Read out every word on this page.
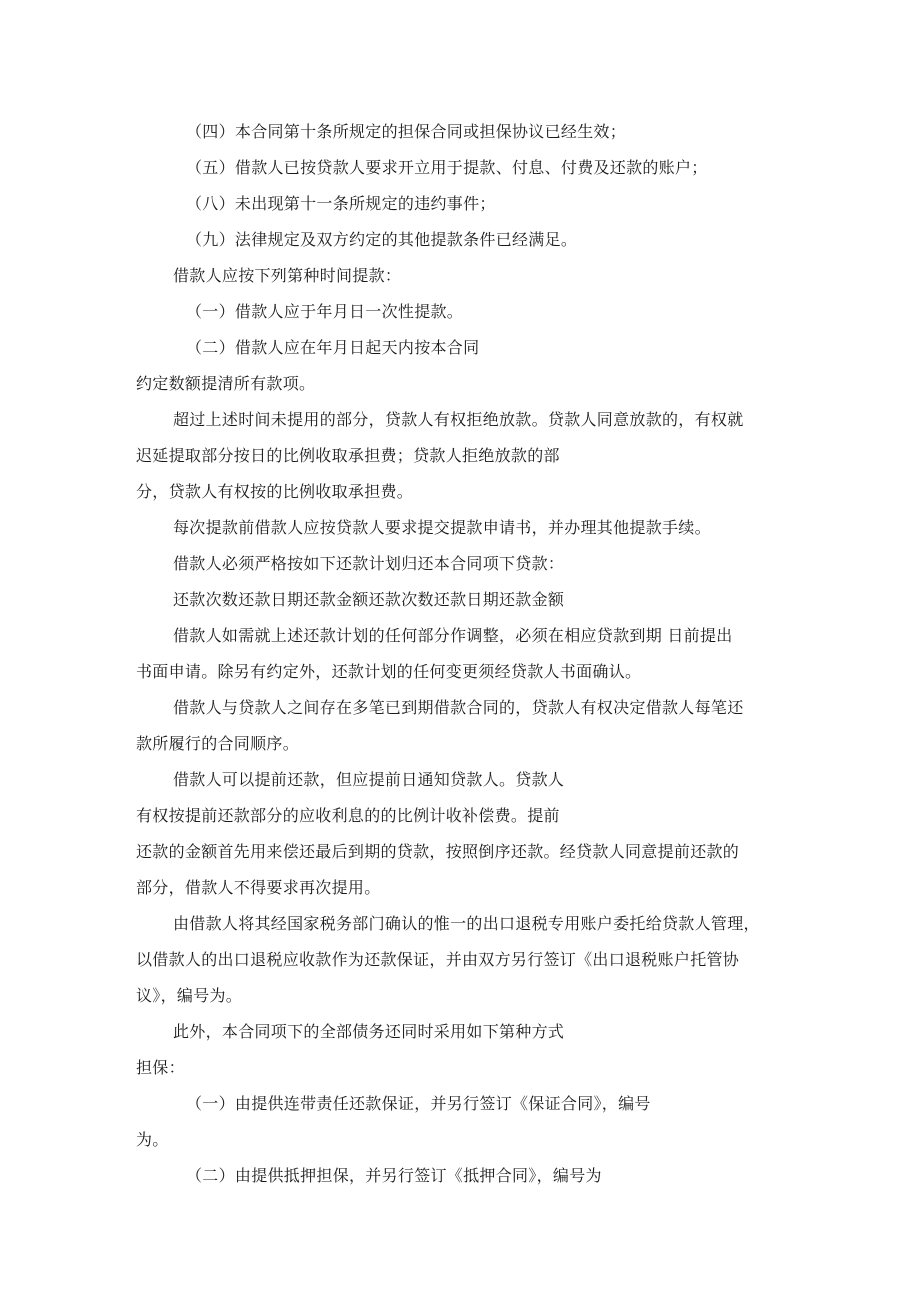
（四）本合同第十条所规定的担保合同或担保协议已经生效；
（五）借款人已按贷款人要求开立用于提款、付息、付费及还款的账户；
（八）未出现第十一条所规定的违约事件；
（九）法律规定及双方约定的其他提款条件已经满足。
借款人应按下列第种时间提款：
（一）借款人应于年月日一次性提款。
（二）借款人应在年月日起天内按本合同
约定数额提清所有款项。
超过上述时间未提用的部分，贷款人有权拒绝放款。贷款人同意放款的，有权就
迟延提取部分按日的比例收取承担费；贷款人拒绝放款的部
分，贷款人有权按的比例收取承担费。
每次提款前借款人应按贷款人要求提交提款申请书，并办理其他提款手续。
借款人必须严格按如下还款计划归还本合同项下贷款：
还款次数还款日期还款金额还款次数还款日期还款金额
借款人如需就上述还款计划的任何部分作调整，必须在相应贷款到期 日前提出
书面申请。除另有约定外，还款计划的任何变更须经贷款人书面确认。
借款人与贷款人之间存在多笔已到期借款合同的，贷款人有权决定借款人每笔还
款所履行的合同顺序。
借款人可以提前还款，但应提前日通知贷款人。贷款人
有权按提前还款部分的应收利息的的比例计收补偿费。提前
还款的金额首先用来偿还最后到期的贷款，按照倒序还款。经贷款人同意提前还款的
部分，借款人不得要求再次提用。
由借款人将其经国家税务部门确认的惟一的出口退税专用账户委托给贷款人管理，
以借款人的出口退税应收款作为还款保证，并由双方另行签订《出口退税账户托管协
议》，编号为。
此外，本合同项下的全部债务还同时采用如下第种方式
担保：
（一）由提供连带责任还款保证，并另行签订《保证合同》，编号
为。
（二）由提供抵押担保，并另行签订《抵押合同》，编号为
